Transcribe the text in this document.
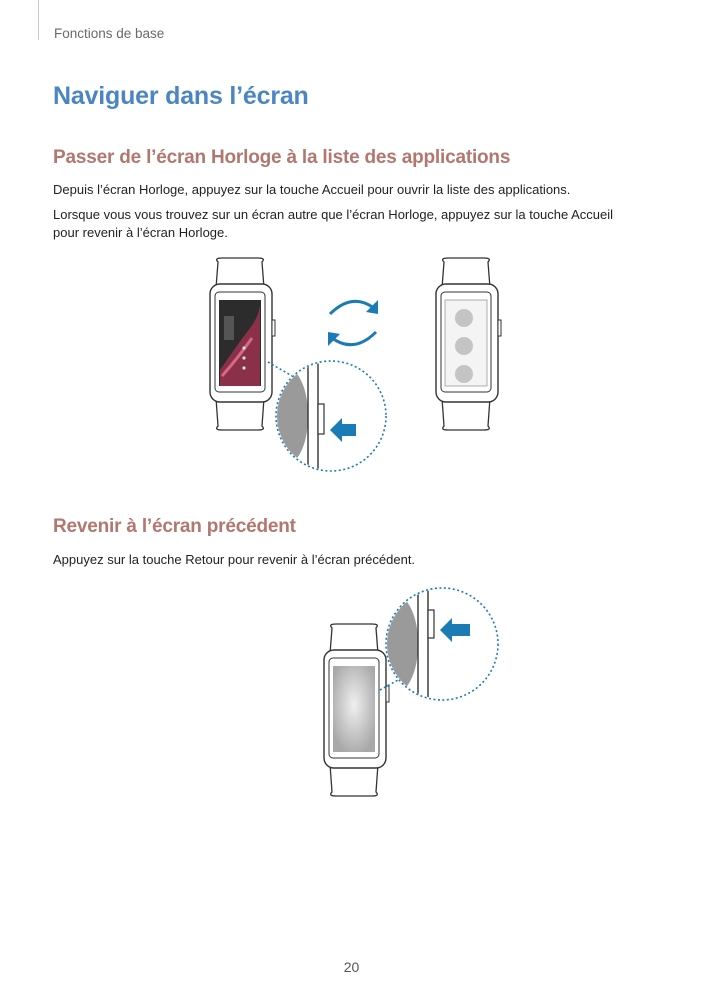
Fonctions de base
Naviguer dans l’écran
Passer de l’écran Horloge à la liste des applications

Depuis l’écran Horloge, appuyez sur la touche Accueil pour ouvrir la liste des applications.

Lorsque vous vous trouvez sur un écran autre que l’écran Horloge, appuyez sur la touche Accueil pour revenir à l’écran Horloge.

Revenir à l’écran précédent

Appuyez sur la touche Retour pour revenir à l’écran précédent.

20
